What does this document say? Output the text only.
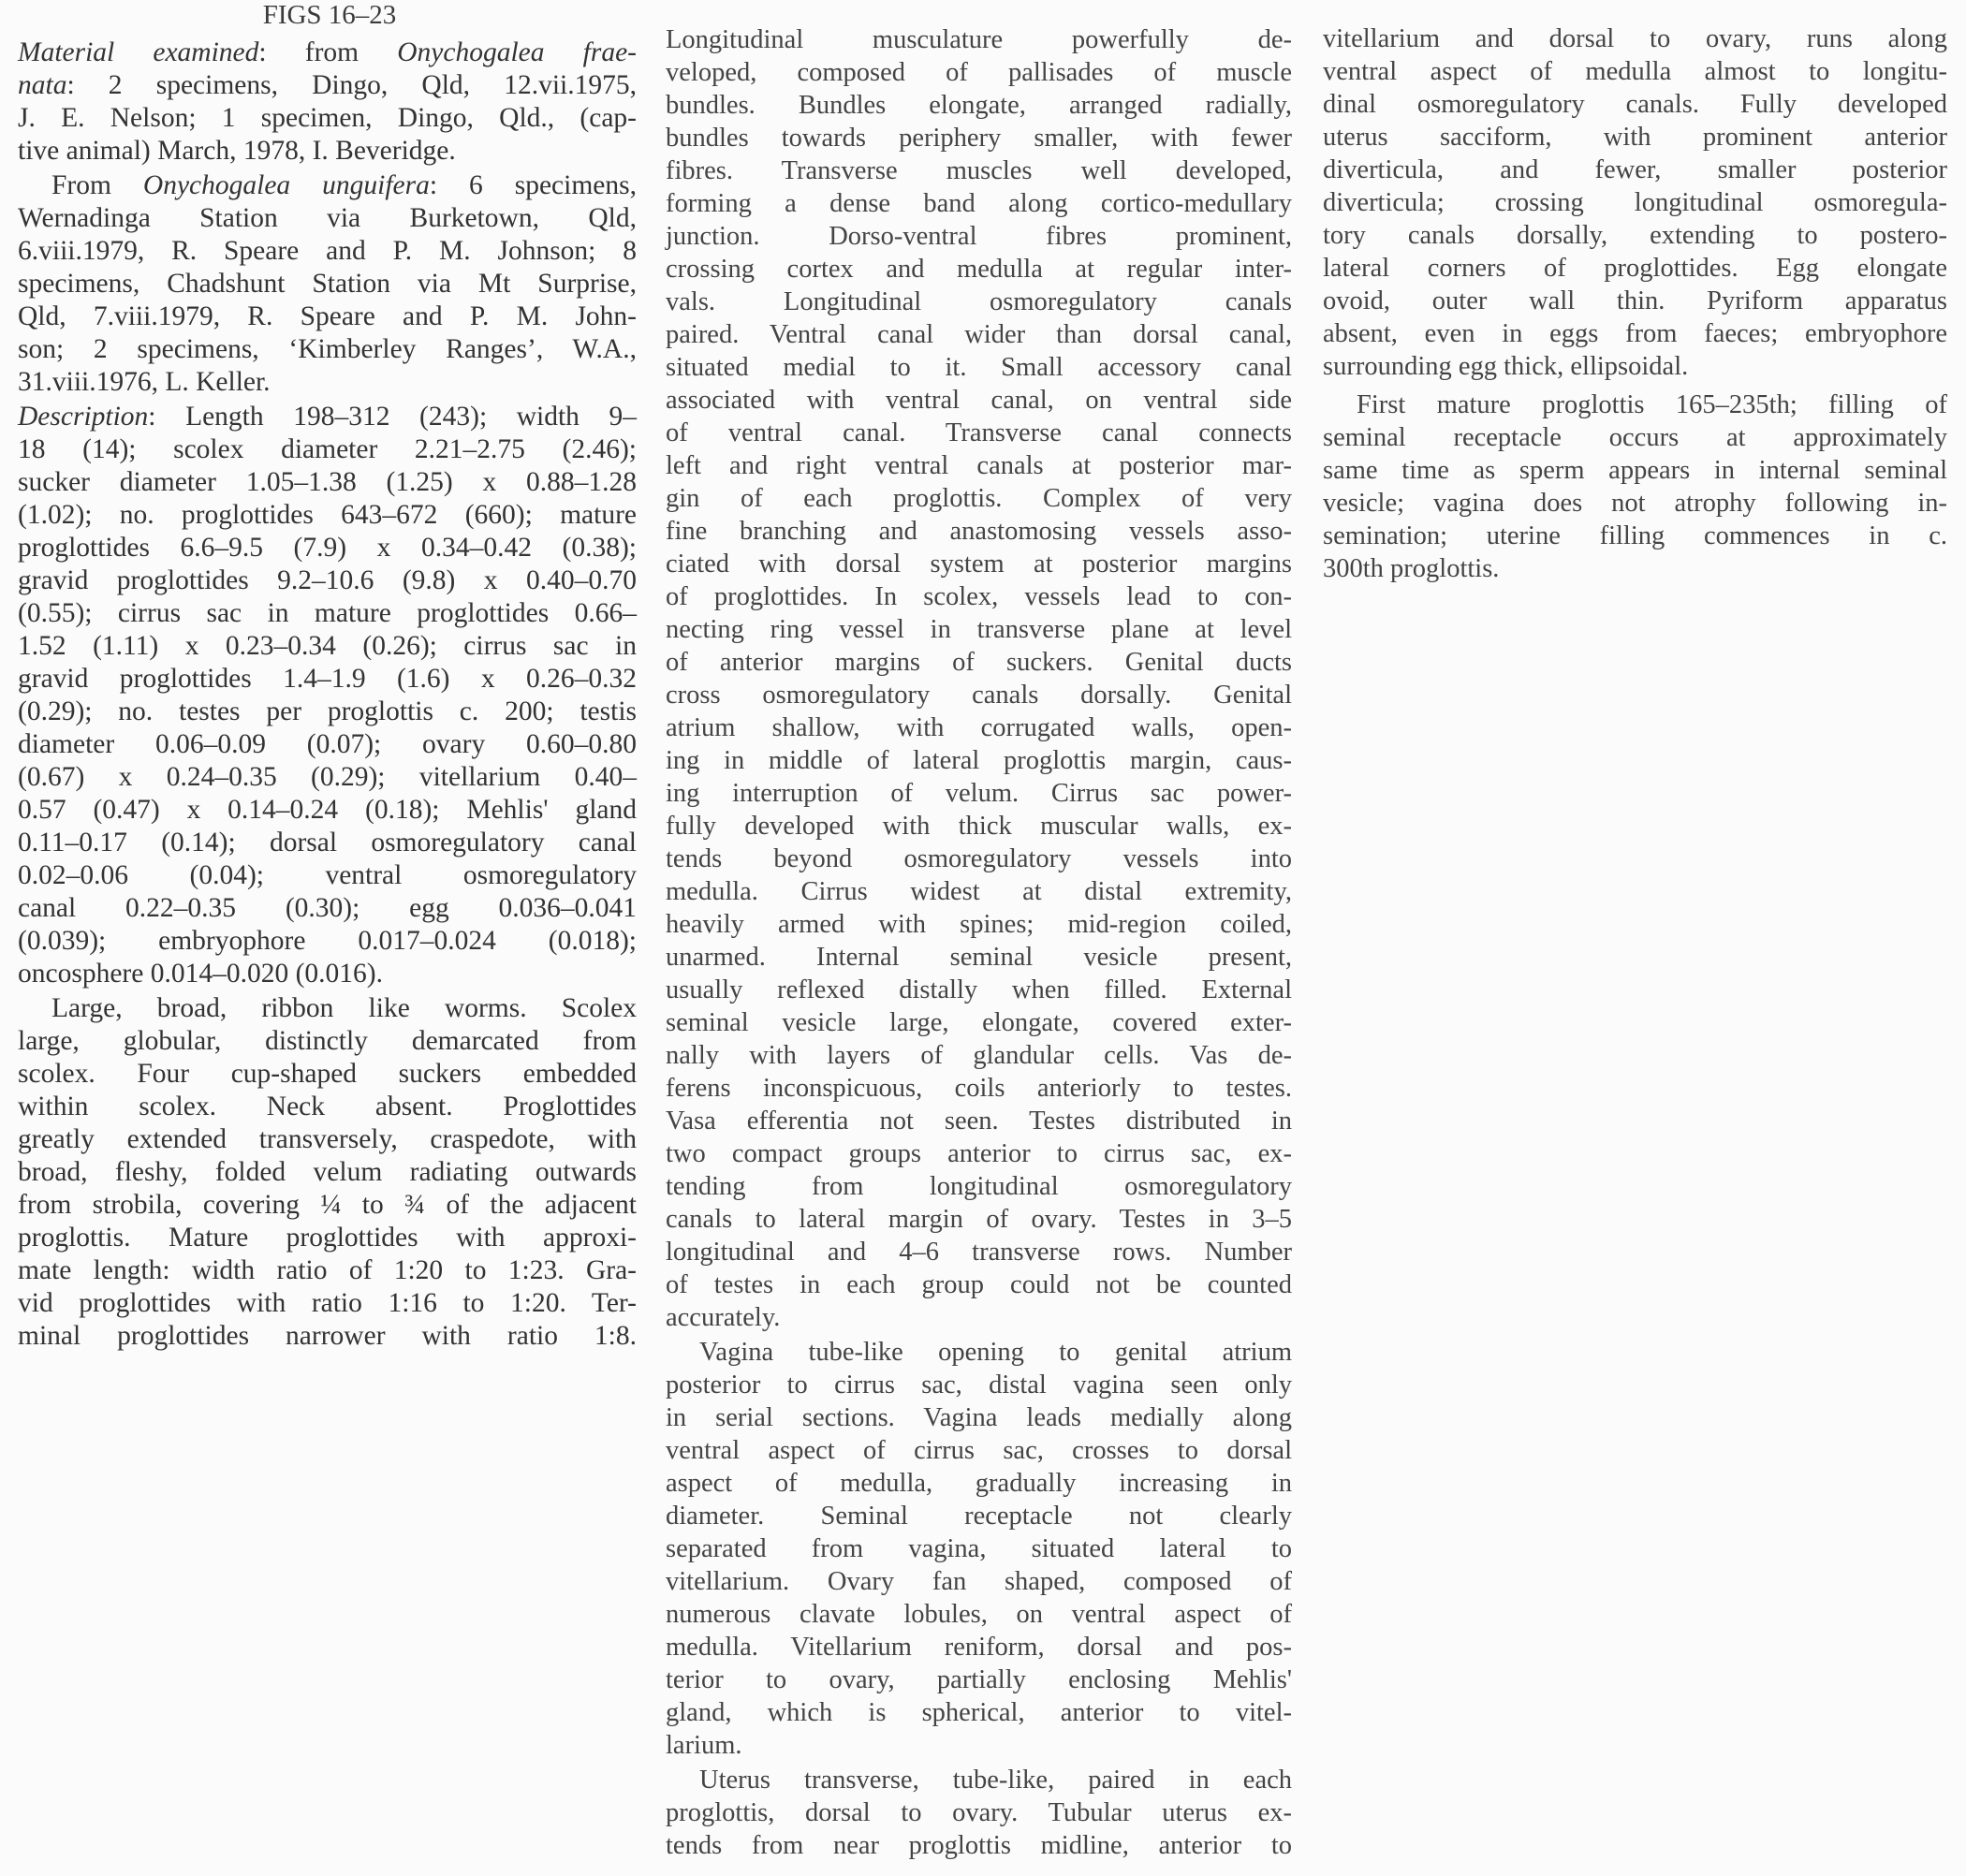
FIGS 16–23
Material examined: from Onychogalea frae-
nata: 2 specimens, Dingo, Qld, 12.vii.1975,
J. E. Nelson; 1 specimen, Dingo, Qld., (cap-
tive animal) March, 1978, I. Beveridge.
From Onychogalea unguifera: 6 specimens,
Wernadinga Station via Burketown, Qld,
6.viii.1979, R. Speare and P. M. Johnson; 8
specimens, Chadshunt Station via Mt Surprise,
Qld, 7.viii.1979, R. Speare and P. M. John-
son; 2 specimens, ‘Kimberley Ranges’, W.A.,
31.viii.1976, L. Keller.
Description: Length 198–312 (243); width 9–
18 (14); scolex diameter 2.21–2.75 (2.46);
sucker diameter 1.05–1.38 (1.25) x 0.88–1.28
(1.02); no. proglottides 643–672 (660); mature
proglottides 6.6–9.5 (7.9) x 0.34–0.42 (0.38);
gravid proglottides 9.2–10.6 (9.8) x 0.40–0.70
(0.55); cirrus sac in mature proglottides 0.66–
1.52 (1.11) x 0.23–0.34 (0.26); cirrus sac in
gravid proglottides 1.4–1.9 (1.6) x 0.26–0.32
(0.29); no. testes per proglottis c. 200; testis
diameter 0.06–0.09 (0.07); ovary 0.60–0.80
(0.67) x 0.24–0.35 (0.29); vitellarium 0.40–
0.57 (0.47) x 0.14–0.24 (0.18); Mehlis' gland
0.11–0.17 (0.14); dorsal osmoregulatory canal
0.02–0.06 (0.04); ventral osmoregulatory
canal 0.22–0.35 (0.30); egg 0.036–0.041
(0.039); embryophore 0.017–0.024 (0.018);
oncosphere 0.014–0.020 (0.016).
Large, broad, ribbon like worms. Scolex
large, globular, distinctly demarcated from
scolex. Four cup-shaped suckers embedded
within scolex. Neck absent. Proglottides
greatly extended transversely, craspedote, with
broad, fleshy, folded velum radiating outwards
from strobila, covering ¼ to ¾ of the adjacent
proglottis. Mature proglottides with approxi-
mate length: width ratio of 1:20 to 1:23. Gra-
vid proglottides with ratio 1:16 to 1:20. Ter-
minal proglottides narrower with ratio 1:8.
Longitudinal musculature powerfully de-
veloped, composed of pallisades of muscle
bundles. Bundles elongate, arranged radially,
bundles towards periphery smaller, with fewer
fibres. Transverse muscles well developed,
forming a dense band along cortico-medullary
junction. Dorso-ventral fibres prominent,
crossing cortex and medulla at regular inter-
vals. Longitudinal osmoregulatory canals
paired. Ventral canal wider than dorsal canal,
situated medial to it. Small accessory canal
associated with ventral canal, on ventral side
of ventral canal. Transverse canal connects
left and right ventral canals at posterior mar-
gin of each proglottis. Complex of very
fine branching and anastomosing vessels asso-
ciated with dorsal system at posterior margins
of proglottides. In scolex, vessels lead to con-
necting ring vessel in transverse plane at level
of anterior margins of suckers. Genital ducts
cross osmoregulatory canals dorsally. Genital
atrium shallow, with corrugated walls, open-
ing in middle of lateral proglottis margin, caus-
ing interruption of velum. Cirrus sac power-
fully developed with thick muscular walls, ex-
tends beyond osmoregulatory vessels into
medulla. Cirrus widest at distal extremity,
heavily armed with spines; mid-region coiled,
unarmed. Internal seminal vesicle present,
usually reflexed distally when filled. External
seminal vesicle large, elongate, covered exter-
nally with layers of glandular cells. Vas de-
ferens inconspicuous, coils anteriorly to testes.
Vasa efferentia not seen. Testes distributed in
two compact groups anterior to cirrus sac, ex-
tending from longitudinal osmoregulatory
canals to lateral margin of ovary. Testes in 3–5
longitudinal and 4–6 transverse rows. Number
of testes in each group could not be counted
accurately.
Vagina tube-like opening to genital atrium
posterior to cirrus sac, distal vagina seen only
in serial sections. Vagina leads medially along
ventral aspect of cirrus sac, crosses to dorsal
aspect of medulla, gradually increasing in
diameter. Seminal receptacle not clearly
separated from vagina, situated lateral to
vitellarium. Ovary fan shaped, composed of
numerous clavate lobules, on ventral aspect of
medulla. Vitellarium reniform, dorsal and pos-
terior to ovary, partially enclosing Mehlis'
gland, which is spherical, anterior to vitel-
larium.
Uterus transverse, tube-like, paired in each
proglottis, dorsal to ovary. Tubular uterus ex-
tends from near proglottis midline, anterior to
vitellarium and dorsal to ovary, runs along
ventral aspect of medulla almost to longitu-
dinal osmoregulatory canals. Fully developed
uterus sacciform, with prominent anterior
diverticula, and fewer, smaller posterior
diverticula; crossing longitudinal osmoregula-
tory canals dorsally, extending to postero-
lateral corners of proglottides. Egg elongate
ovoid, outer wall thin. Pyriform apparatus
absent, even in eggs from faeces; embryophore
surrounding egg thick, ellipsoidal.
First mature proglottis 165–235th; filling of
seminal receptacle occurs at approximately
same time as sperm appears in internal seminal
vesicle; vagina does not atrophy following in-
semination; uterine filling commences in c.
300th proglottis.
